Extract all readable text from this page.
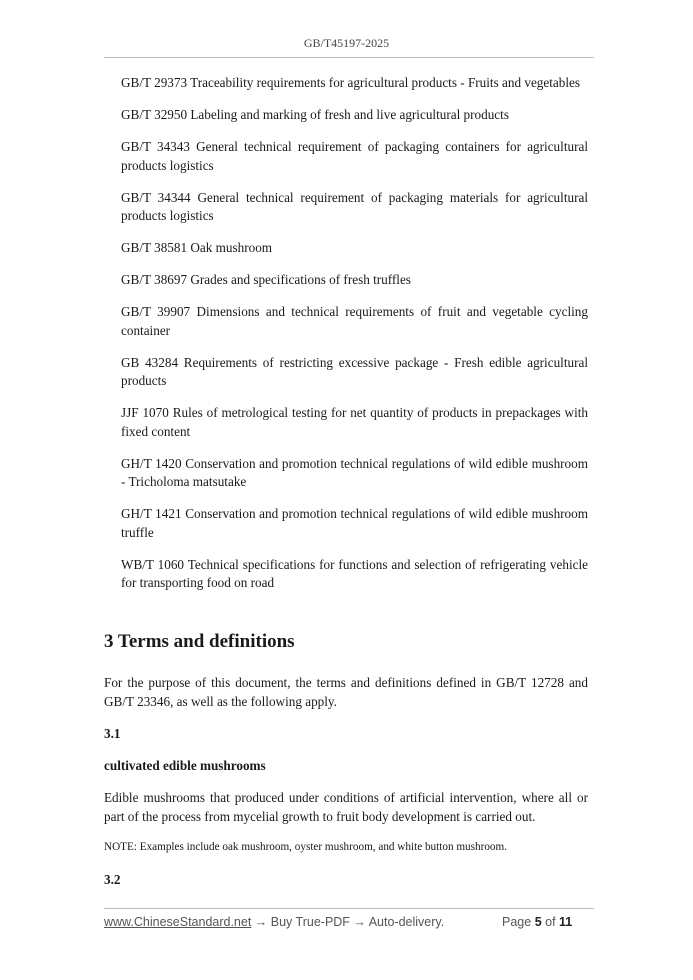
GB/T45197-2025

GB/T 29373 Traceability requirements for agricultural products - Fruits and vegetables

GB/T 32950 Labeling and marking of fresh and live agricultural products

GB/T 34343 General technical requirement of packaging containers for agricultural products logistics

GB/T 34344 General technical requirement of packaging materials for agricultural products logistics

GB/T 38581 Oak mushroom

GB/T 38697 Grades and specifications of fresh truffles

GB/T 39907 Dimensions and technical requirements of fruit and vegetable cycling container

GB 43284 Requirements of restricting excessive package - Fresh edible agricultural products

JJF 1070 Rules of metrological testing for net quantity of products in prepackages with fixed content

GH/T 1420 Conservation and promotion technical regulations of wild edible mushroom - Tricholoma matsutake

GH/T 1421 Conservation and promotion technical regulations of wild edible mushroom truffle

WB/T 1060 Technical specifications for functions and selection of refrigerating vehicle for transporting food on road

3 Terms and definitions

For the purpose of this document, the terms and definitions defined in GB/T 12728 and GB/T 23346, as well as the following apply.

3.1
cultivated edible mushrooms

Edible mushrooms that produced under conditions of artificial intervention, where all or part of the process from mycelial growth to fruit body development is carried out.

NOTE: Examples include oak mushroom, oyster mushroom, and white button mushroom.

3.2
www.ChineseStandard.net → Buy True-PDF → Auto-delivery.	Page 5 of 11
